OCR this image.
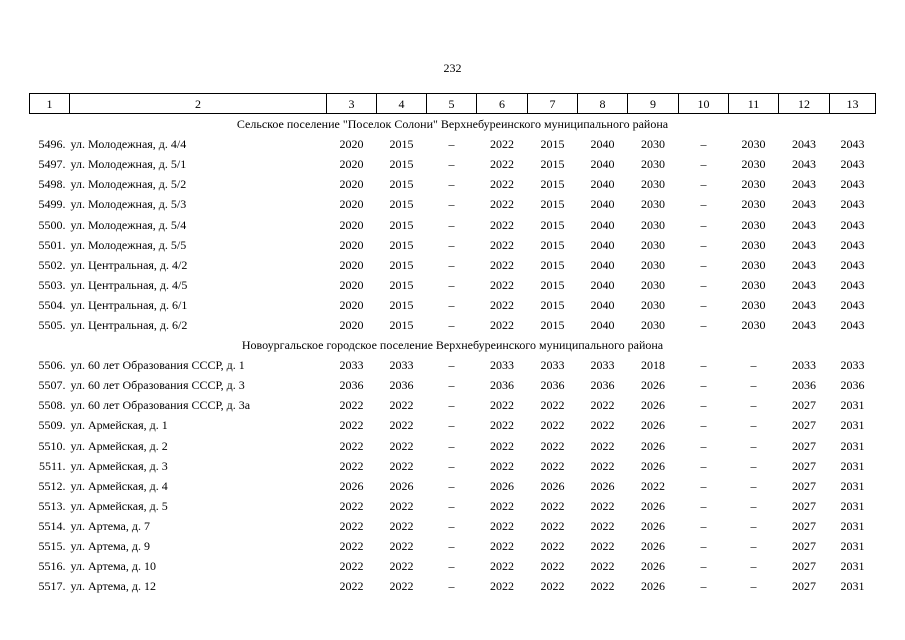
232
1	2	3	4	5	6	7	8	9	10	11	12	13
Сельское поселение "Поселок Солони" Верхнебуреинского муниципального района												
5496.	ул. Молодежная, д. 4/4	2020	2015	–	2022	2015	2040	2030	–	2030	2043	2043
5497.	ул. Молодежная, д. 5/1	2020	2015	–	2022	2015	2040	2030	–	2030	2043	2043
5498.	ул. Молодежная, д. 5/2	2020	2015	–	2022	2015	2040	2030	–	2030	2043	2043
5499.	ул. Молодежная, д. 5/3	2020	2015	–	2022	2015	2040	2030	–	2030	2043	2043
5500.	ул. Молодежная, д. 5/4	2020	2015	–	2022	2015	2040	2030	–	2030	2043	2043
5501.	ул. Молодежная, д. 5/5	2020	2015	–	2022	2015	2040	2030	–	2030	2043	2043
5502.	ул. Центральная, д. 4/2	2020	2015	–	2022	2015	2040	2030	–	2030	2043	2043
5503.	ул. Центральная, д. 4/5	2020	2015	–	2022	2015	2040	2030	–	2030	2043	2043
5504.	ул. Центральная, д. 6/1	2020	2015	–	2022	2015	2040	2030	–	2030	2043	2043
5505.	ул. Центральная, д. 6/2	2020	2015	–	2022	2015	2040	2030	–	2030	2043	2043
Новоургальское городское поселение Верхнебуреинского муниципального района												
5506.	ул. 60 лет Образования СССР, д. 1	2033	2033	–	2033	2033	2033	2018	–	–	2033	2033
5507.	ул. 60 лет Образования СССР, д. 3	2036	2036	–	2036	2036	2036	2026	–	–	2036	2036
5508.	ул. 60 лет Образования СССР, д. 3а	2022	2022	–	2022	2022	2022	2026	–	–	2027	2031
5509.	ул. Армейская, д. 1	2022	2022	–	2022	2022	2022	2026	–	–	2027	2031
5510.	ул. Армейская, д. 2	2022	2022	–	2022	2022	2022	2026	–	–	2027	2031
5511.	ул. Армейская, д. 3	2022	2022	–	2022	2022	2022	2026	–	–	2027	2031
5512.	ул. Армейская, д. 4	2026	2026	–	2026	2026	2026	2022	–	–	2027	2031
5513.	ул. Армейская, д. 5	2022	2022	–	2022	2022	2022	2026	–	–	2027	2031
5514.	ул. Артема, д. 7	2022	2022	–	2022	2022	2022	2026	–	–	2027	2031
5515.	ул. Артема, д. 9	2022	2022	–	2022	2022	2022	2026	–	–	2027	2031
5516.	ул. Артема, д. 10	2022	2022	–	2022	2022	2022	2026	–	–	2027	2031
5517.	ул. Артема, д. 12	2022	2022	–	2022	2022	2022	2026	–	–	2027	2031
